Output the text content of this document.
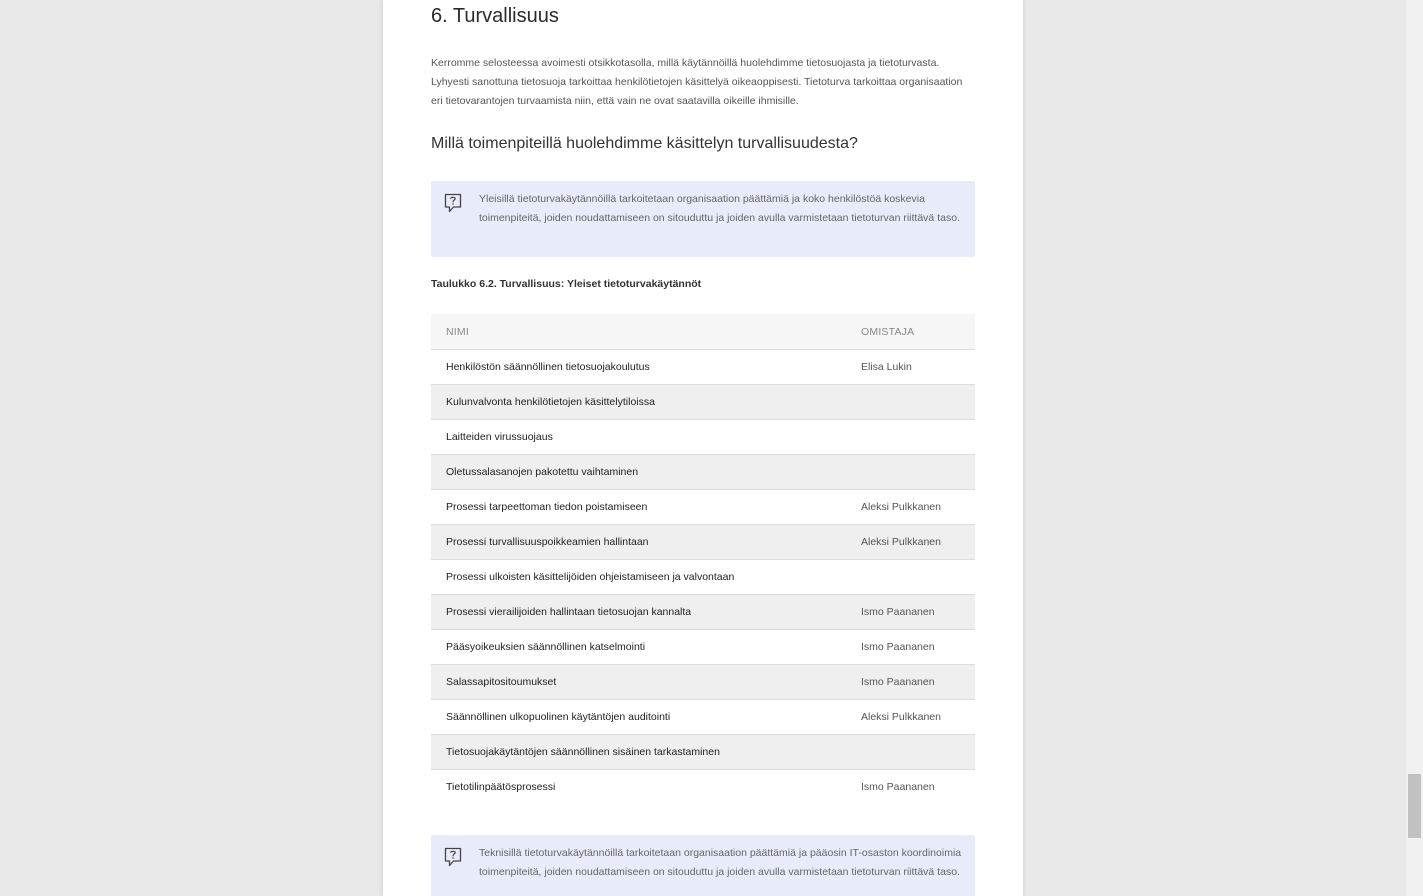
6. Turvallisuus

Kerromme selosteessa avoimesti otsikkotasolla, millä käytännöillä huolehdimme tietosuojasta ja tietoturvasta. Lyhyesti sanottuna tietosuoja tarkoittaa henkilötietojen käsittelyä oikeaoppisesti. Tietoturva tarkoittaa organisaation eri tietovarantojen turvaamista niin, että vain ne ovat saatavilla oikeille ihmisille.

Millä toimenpiteillä huolehdimme käsittelyn turvallisuudesta?

Yleisillä tietoturvakäytännöillä tarkoitetaan organisaation päättämiä ja koko henkilöstöä koskevia toimenpiteitä, joiden noudattamiseen on sitouduttu ja joiden avulla varmistetaan tietoturvan riittävä taso.

Taulukko 6.2. Turvallisuus: Yleiset tietoturvakäytännöt
NIMI	OMISTAJA
Henkilöstön säännöllinen tietosuojakoulutus	Elisa Lukin
Kulunvalvonta henkilötietojen käsittelytiloissa	
Laitteiden virussuojaus	
Oletussalasanojen pakotettu vaihtaminen	
Prosessi tarpeettoman tiedon poistamiseen	Aleksi Pulkkanen
Prosessi turvallisuuspoikkeamien hallintaan	Aleksi Pulkkanen
Prosessi ulkoisten käsittelijöiden ohjeistamiseen ja valvontaan	
Prosessi vierailijoiden hallintaan tietosuojan kannalta	Ismo Paananen
Pääsyoikeuksien säännöllinen katselmointi	Ismo Paananen
Salassapitositoumukset	Ismo Paananen
Säännöllinen ulkopuolinen käytäntöjen auditointi	Aleksi Pulkkanen
Tietosuojakäytäntöjen säännöllinen sisäinen tarkastaminen	
Tietotilinpäätösprosessi	Ismo Paananen

Teknisillä tietoturvakäytännöillä tarkoitetaan organisaation päättämiä ja pääosin IT-osaston koordinoimia toimenpiteitä, joiden noudattamiseen on sitouduttu ja joiden avulla varmistetaan tietoturvan riittävä taso.
